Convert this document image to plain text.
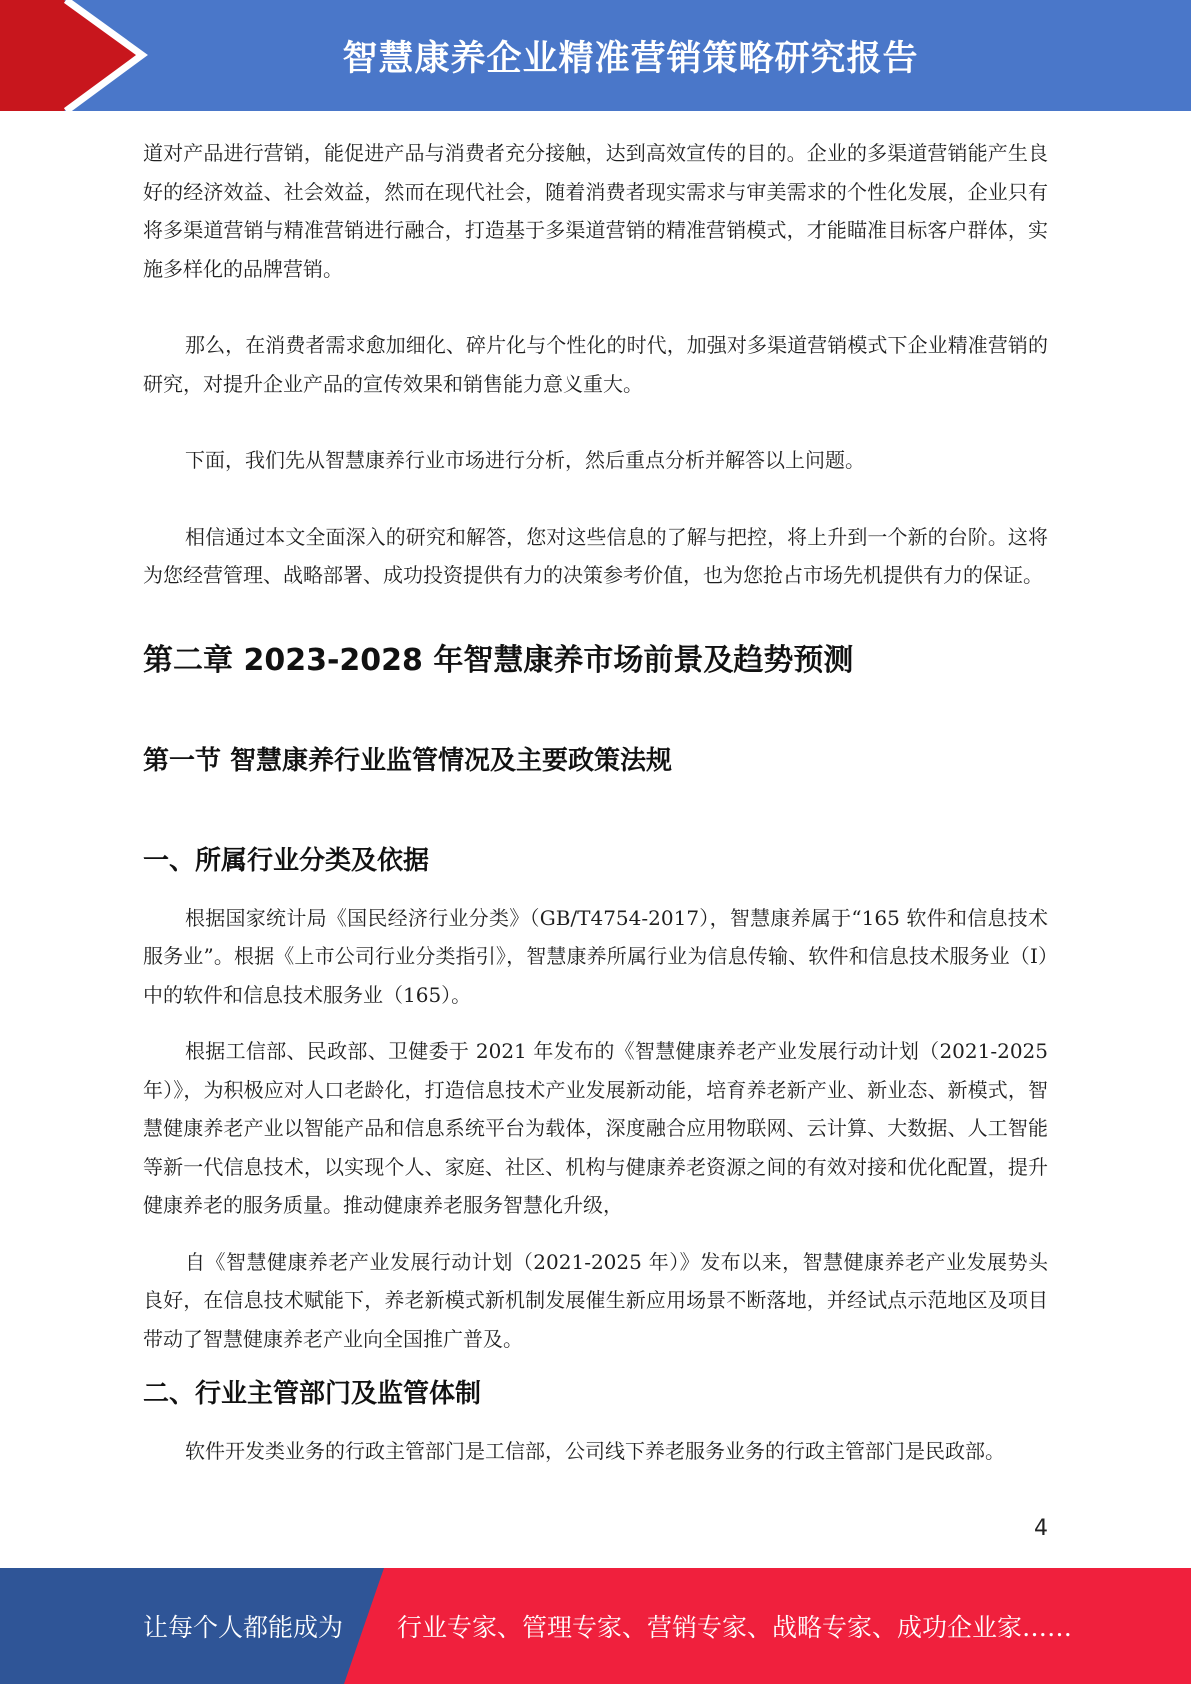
智慧康养企业精准营销策略研究报告

道对产品进行营销，能促进产品与消费者充分接触，达到高效宣传的目的。企业的多渠道营销能产生良好的经济效益、社会效益，然而在现代社会，随着消费者现实需求与审美需求的个性化发展，企业只有将多渠道营销与精准营销进行融合，打造基于多渠道营销的精准营销模式，才能瞄准目标客户群体，实施多样化的品牌营销。

那么，在消费者需求愈加细化、碎片化与个性化的时代，加强对多渠道营销模式下企业精准营销的研究，对提升企业产品的宣传效果和销售能力意义重大。

下面，我们先从智慧康养行业市场进行分析，然后重点分析并解答以上问题。

相信通过本文全面深入的研究和解答，您对这些信息的了解与把控，将上升到一个新的台阶。这将为您经营管理、战略部署、成功投资提供有力的决策参考价值，也为您抢占市场先机提供有力的保证。

第二章 2023-2028 年智慧康养市场前景及趋势预测
第一节 智慧康养行业监管情况及主要政策法规
一、所属行业分类及依据

根据国家统计局《国民经济行业分类》（GB/T4754-2017），智慧康养属于“165 软件和信息技术服务业”。根据《上市公司行业分类指引》，智慧康养所属行业为信息传输、软件和信息技术服务业（I）中的软件和信息技术服务业（165）。

根据工信部、民政部、卫健委于 2021 年发布的《智慧健康养老产业发展行动计划（2021-2025 年）》，为积极应对人口老龄化，打造信息技术产业发展新动能，培育养老新产业、新业态、新模式，智慧健康养老产业以智能产品和信息系统平台为载体，深度融合应用物联网、云计算、大数据、人工智能等新一代信息技术，以实现个人、家庭、社区、机构与健康养老资源之间的有效对接和优化配置，提升健康养老的服务质量。推动健康养老服务智慧化升级，

自《智慧健康养老产业发展行动计划（2021-2025 年）》发布以来，智慧健康养老产业发展势头良好，在信息技术赋能下，养老新模式新机制发展催生新应用场景不断落地，并经试点示范地区及项目带动了智慧健康养老产业向全国推广普及。

二、行业主管部门及监管体制

软件开发类业务的行政主管部门是工信部，公司线下养老服务业务的行政主管部门是民政部。

4
让每个人都能成为 行业专家、管理专家、营销专家、战略专家、成功企业家……
